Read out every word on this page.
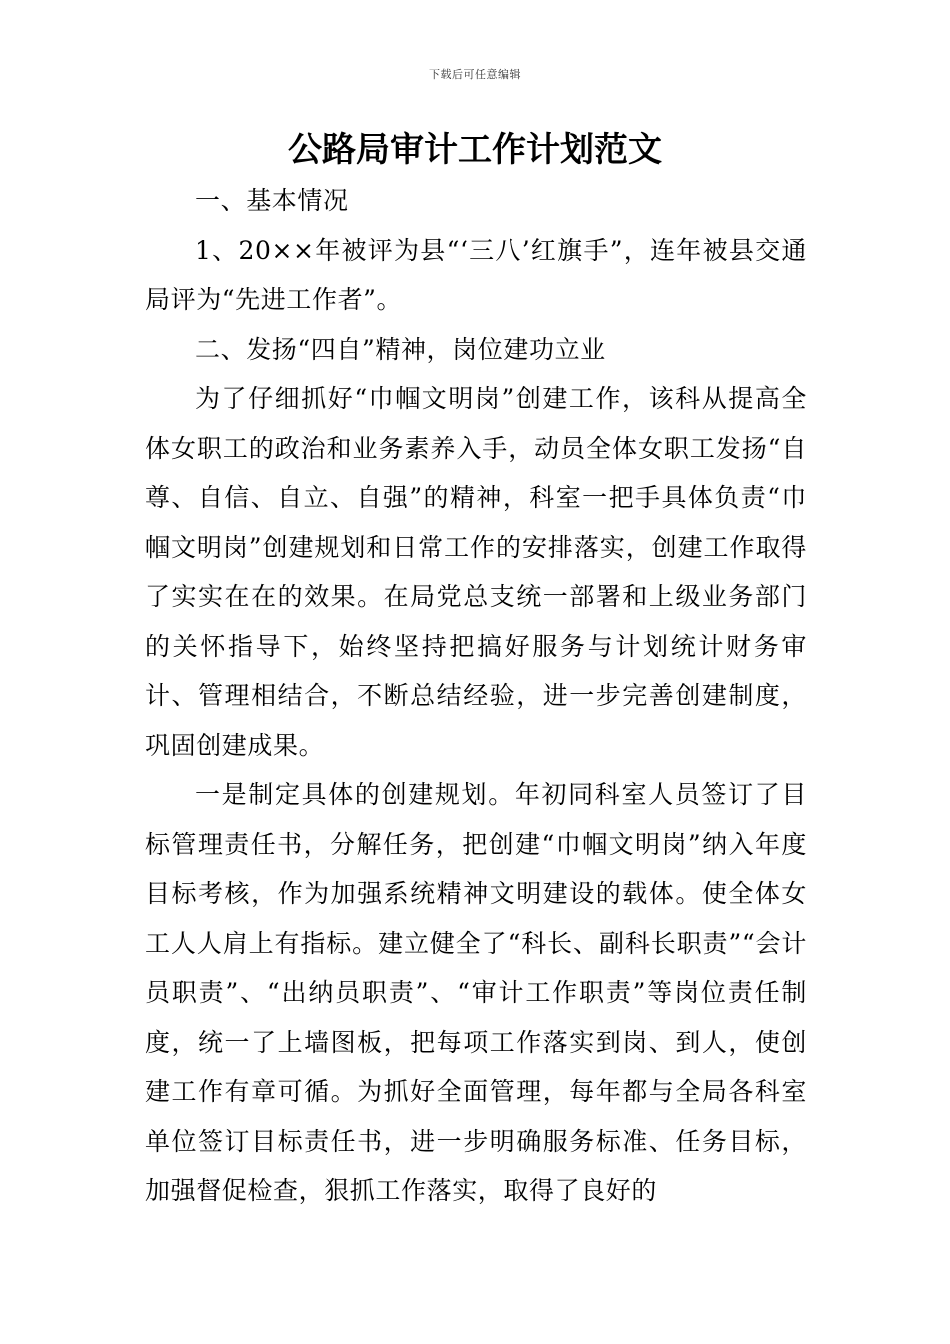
下载后可任意编辑
公路局审计工作计划范文

一、基本情况

1、20××年被评为县“‘三八’红旗手”，连年被县交通局评为“先进工作者”。

二、发扬“四自”精神，岗位建功立业

为了仔细抓好“巾帼文明岗”创建工作，该科从提高全体女职工的政治和业务素养入手，动员全体女职工发扬“自尊、自信、自立、自强”的精神，科室一把手具体负责“巾帼文明岗”创建规划和日常工作的安排落实，创建工作取得了实实在在的效果。在局党总支统一部署和上级业务部门的关怀指导下，始终坚持把搞好服务与计划统计财务审计、管理相结合，不断总结经验，进一步完善创建制度，巩固创建成果。

一是制定具体的创建规划。年初同科室人员签订了目标管理责任书，分解任务，把创建“巾帼文明岗”纳入年度目标考核，作为加强系统精神文明建设的载体。使全体女工人人肩上有指标。建立健全了“科长、副科长职责”“会计员职责”、“出纳员职责”、“审计工作职责”等岗位责任制度，统一了上墙图板，把每项工作落实到岗、到人，使创建工作有章可循。为抓好全面管理，每年都与全局各科室单位签订目标责任书，进一步明确服务标准、任务目标，加强督促检查，狠抓工作落实，取得了良好的
